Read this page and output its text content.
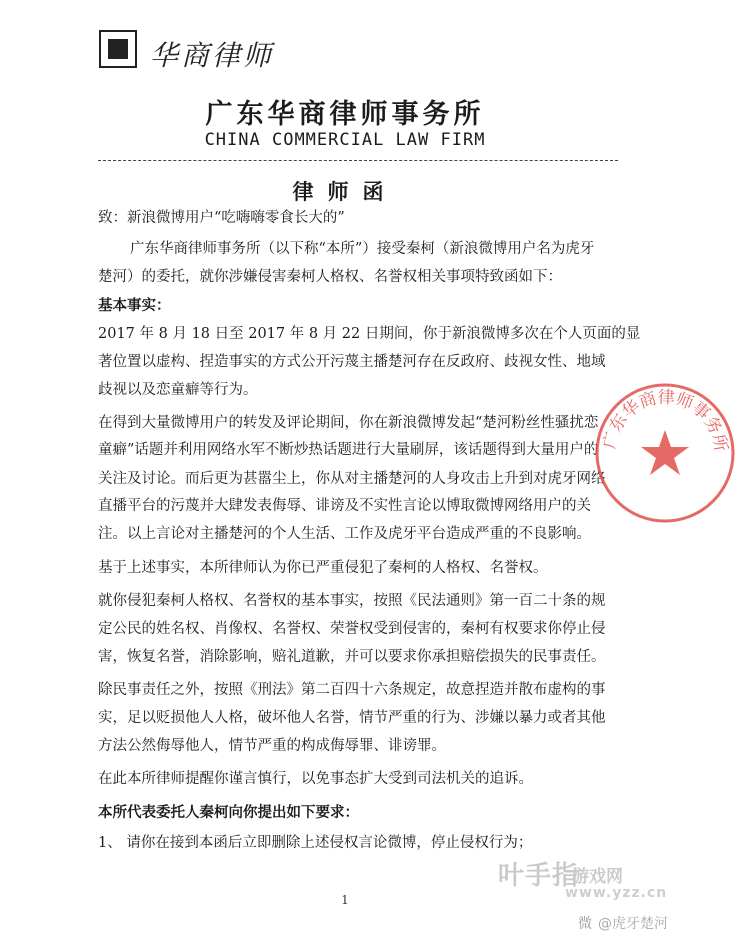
华商律师
广东华商律师事务所
CHINA COMMERCIAL LAW FIRM
律师函
致：新浪微博用户“吃嗨嗨零食长大的”
广东华商律师事务所（以下称“本所”）接受秦柯（新浪微博用户名为虎牙
楚河）的委托，就你涉嫌侵害秦柯人格权、名誉权相关事项特致函如下：
基本事实：
2017 年 8 月 18 日至 2017 年 8 月 22 日期间，你于新浪微博多次在个人页面的显
著位置以虚构、捏造事实的方式公开污蔑主播楚河存在反政府、歧视女性、地域
歧视以及恋童癖等行为。
在得到大量微博用户的转发及评论期间，你在新浪微博发起“楚河粉丝性骚扰恋
童癖”话题并利用网络水军不断炒热话题进行大量刷屏，该话题得到大量用户的
关注及讨论。而后更为甚嚣尘上，你从对主播楚河的人身攻击上升到对虎牙网络
直播平台的污蔑并大肆发表侮辱、诽谤及不实性言论以博取微博网络用户的关
注。以上言论对主播楚河的个人生活、工作及虎牙平台造成严重的不良影响。
基于上述事实，本所律师认为你已严重侵犯了秦柯的人格权、名誉权。
就你侵犯秦柯人格权、名誉权的基本事实，按照《民法通则》第一百二十条的规
定公民的姓名权、肖像权、名誉权、荣誉权受到侵害的，秦柯有权要求你停止侵
害，恢复名誉，消除影响，赔礼道歉，并可以要求你承担赔偿损失的民事责任。
除民事责任之外，按照《刑法》第二百四十六条规定，故意捏造并散布虚构的事
实，足以贬损他人人格，破坏他人名誉，情节严重的行为、涉嫌以暴力或者其他
方法公然侮辱他人，情节严重的构成侮辱罪、诽谤罪。
在此本所律师提醒你谨言慎行，以免事态扩大受到司法机关的追诉。
本所代表委托人秦柯向你提出如下要求：
1、 请你在接到本函后立即删除上述侵权言论微博，停止侵权行为；
1
广东华商律师事务所
叶手指
游戏网
www.yzz.cn
微 @虎牙楚河
